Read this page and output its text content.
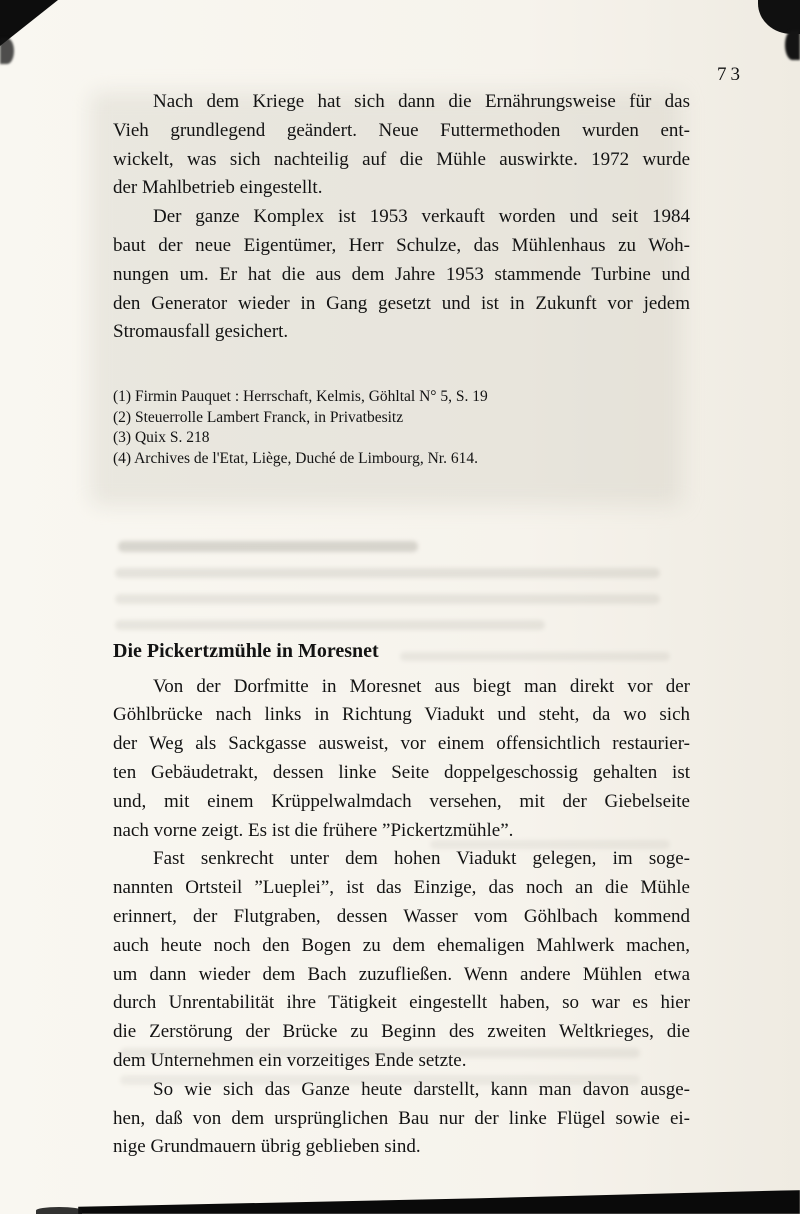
73
Nach dem Kriege hat sich dann die Ernährungsweise für das
Vieh grundlegend geändert. Neue Futtermethoden wurden ent-
wickelt, was sich nachteilig auf die Mühle auswirkte. 1972 wurde
der Mahlbetrieb eingestellt.
Der ganze Komplex ist 1953 verkauft worden und seit 1984
baut der neue Eigentümer, Herr Schulze, das Mühlenhaus zu Woh-
nungen um. Er hat die aus dem Jahre 1953 stammende Turbine und
den Generator wieder in Gang gesetzt und ist in Zukunft vor jedem
Stromausfall gesichert.
(1) Firmin Pauquet : Herrschaft, Kelmis, Göhltal N° 5, S. 19
(2) Steuerrolle Lambert Franck, in Privatbesitz
(3) Quix S. 218
(4) Archives de l'Etat, Liège, Duché de Limbourg, Nr. 614.
Die Pickertzmühle in Moresnet
Von der Dorfmitte in Moresnet aus biegt man direkt vor der
Göhlbrücke nach links in Richtung Viadukt und steht, da wo sich
der Weg als Sackgasse ausweist, vor einem offensichtlich restaurier-
ten Gebäudetrakt, dessen linke Seite doppelgeschossig gehalten ist
und, mit einem Krüppelwalmdach versehen, mit der Giebelseite
nach vorne zeigt. Es ist die frühere ”Pickertzmühle”.
Fast senkrecht unter dem hohen Viadukt gelegen, im soge-
nannten Ortsteil ”Lueplei”, ist das Einzige, das noch an die Mühle
erinnert, der Flutgraben, dessen Wasser vom Göhlbach kommend
auch heute noch den Bogen zu dem ehemaligen Mahlwerk machen,
um dann wieder dem Bach zuzufließen. Wenn andere Mühlen etwa
durch Unrentabilität ihre Tätigkeit eingestellt haben, so war es hier
die Zerstörung der Brücke zu Beginn des zweiten Weltkrieges, die
dem Unternehmen ein vorzeitiges Ende setzte.
So wie sich das Ganze heute darstellt, kann man davon ausge-
hen, daß von dem ursprünglichen Bau nur der linke Flügel sowie ei-
nige Grundmauern übrig geblieben sind.
